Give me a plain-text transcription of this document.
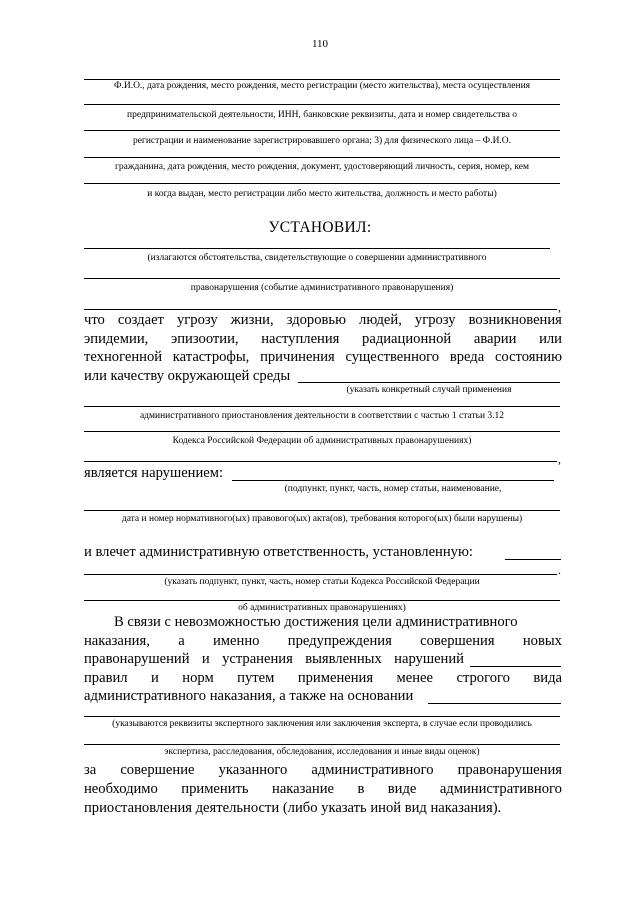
110
Ф.И.О., дата рождения, место рождения, место регистрации (место жительства), места осуществления
предпринимательской деятельности, ИНН, банковские реквизиты, дата и номер свидетельства о
регистрации и наименование зарегистрировавшего органа; 3) для физического лица – Ф.И.О.
гражданина, дата рождения, место рождения, документ, удостоверяющий личность, серия, номер, кем
и когда выдан, место регистрации либо место жительства, должность и место работы)
УСТАНОВИЛ:
(излагаются обстоятельства, свидетельствующие о совершении административного
правонарушения (событие административного правонарушения)
,
что создает угрозу жизни, здоровью людей, угрозу возникновения
эпидемии, эпизоотии, наступления радиационной аварии или
техногенной катастрофы, причинения существенного вреда состоянию
или качеству окружающей среды
(указать конкретный случай применения
административного приостановления деятельности в соответствии с частью 1 статьи 3.12
Кодекса Российской Федерации об административных правонарушениях)
,
является нарушением:
(подпункт, пункт, часть, номер статьи, наименование,
дата и номер нормативного(ых) правового(ых) акта(ов), требования которого(ых) были нарушены)
и влечет административную ответственность, установленную:
.
(указать подпункт, пункт, часть, номер статьи Кодекса Российской Федерации
об административных правонарушениях)
В связи с невозможностью достижения цели административного
наказания, а именно предупреждения совершения новых
правонарушений и устранения выявленных нарушений
правил и норм путем применения менее строгого вида
административного наказания, а также на основании
(указываются реквизиты экспертного заключения или заключения эксперта, в случае если проводились
экспертиза, расследования, обследования, исследования и иные виды оценок)
за совершение указанного административного правонарушения
необходимо применить наказание в виде административного
приостановления деятельности (либо указать иной вид наказания).
